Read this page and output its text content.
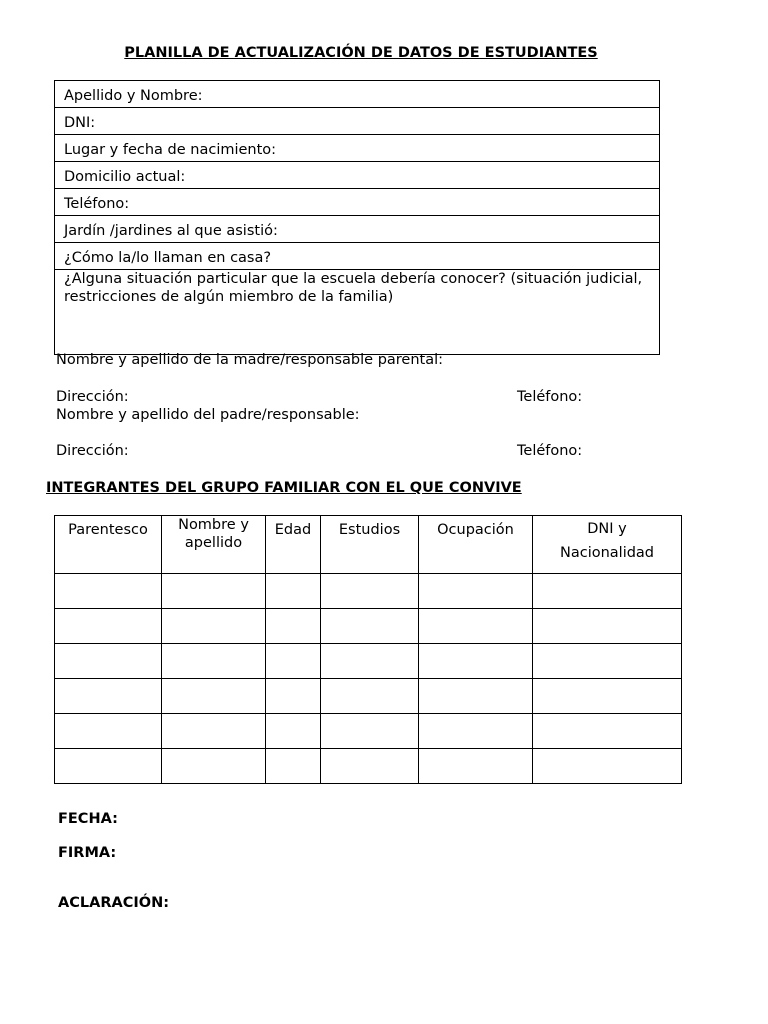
PLANILLA DE ACTUALIZACIÓN DE DATOS DE ESTUDIANTES
Apellido y Nombre:
DNI:
Lugar y fecha de nacimiento:
Domicilio actual:
Teléfono:
Jardín /jardines al que asistió:
¿Cómo la/lo llaman en casa?
¿Alguna situación particular que la escuela debería conocer? (situación judicial, restricciones de algún miembro de la familia)
Nombre y apellido de la madre/responsable parental:
Dirección:	Teléfono:
Nombre y apellido del padre/responsable:
Dirección:	Teléfono:
INTEGRANTES DEL GRUPO FAMILIAR CON EL QUE CONVIVE
Parentesco	Nombre y apellido	Edad	Estudios	Ocupación	DNI y Nacionalidad

FECHA:
FIRMA:
ACLARACIÓN:
